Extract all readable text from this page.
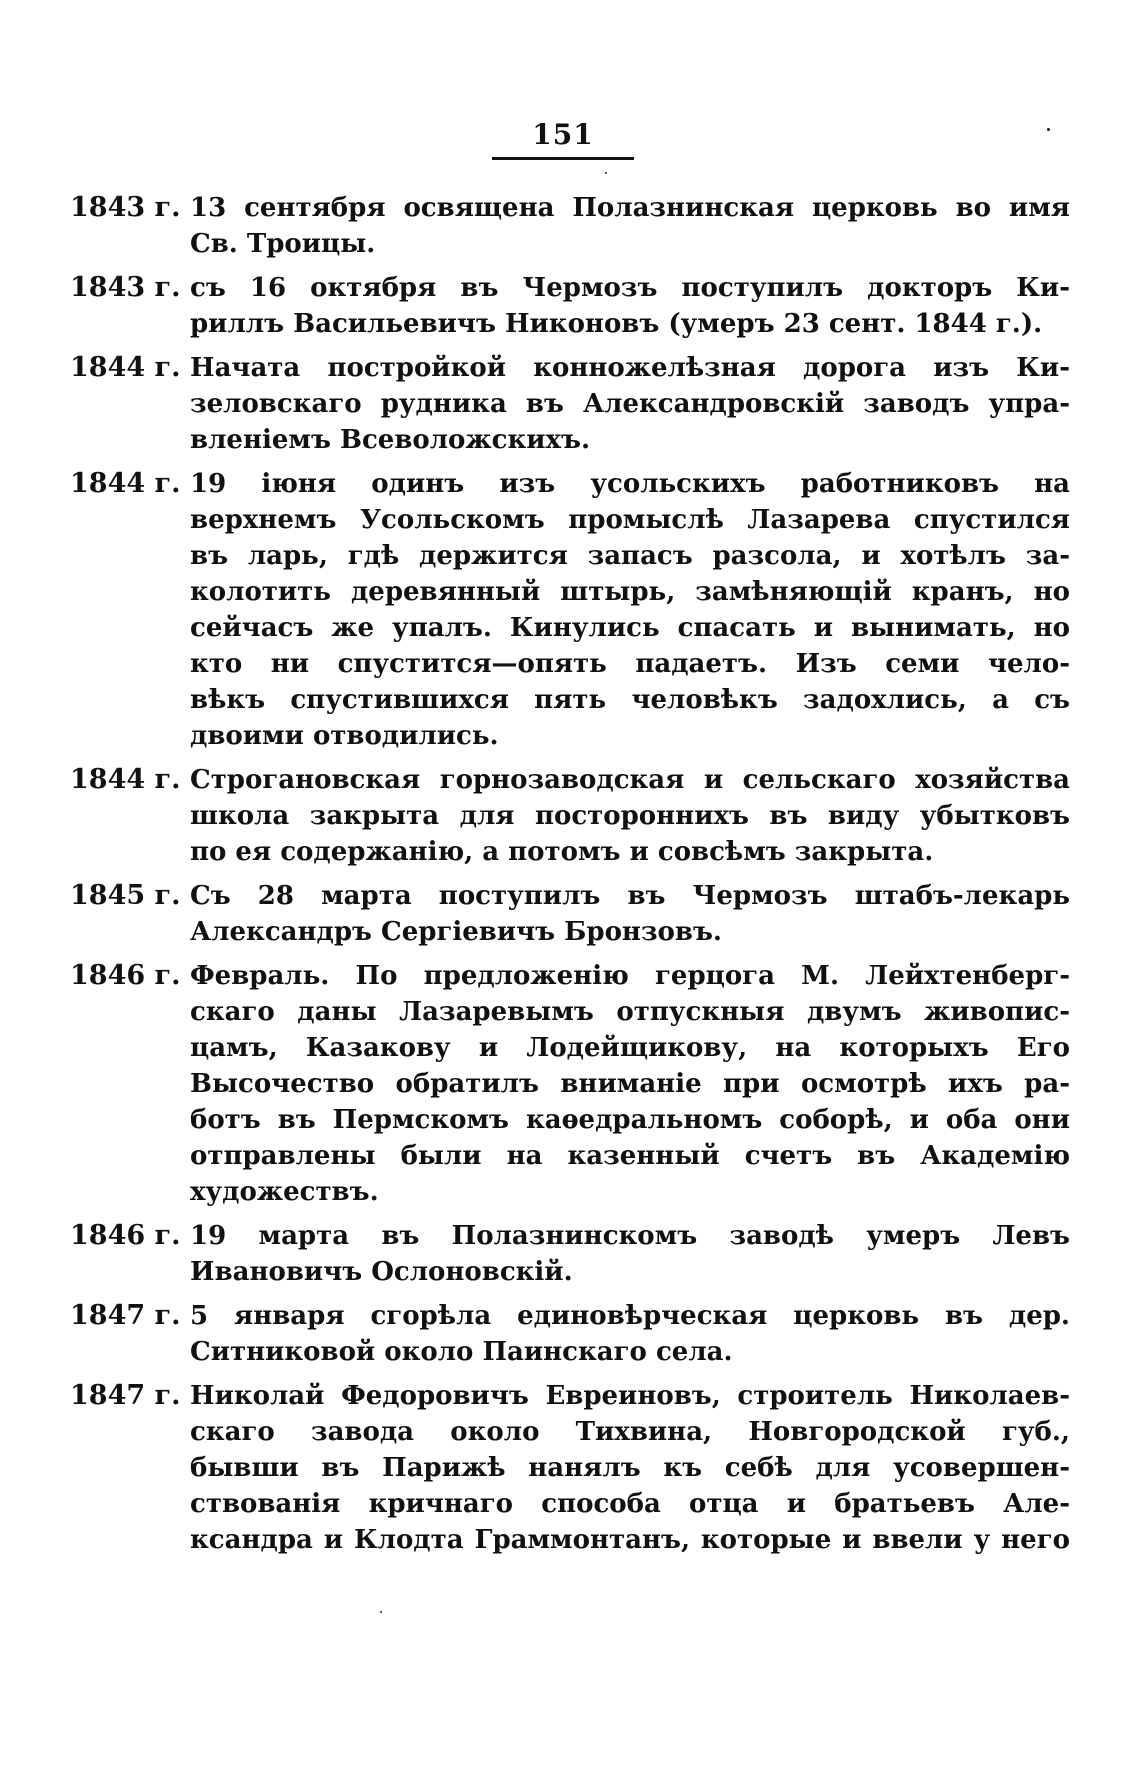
151
1843 г. 13 сентября освящена Полазнинская церковь во имя
Св. Троицы.
1843 г. съ 16 октября въ Чермозъ поступилъ докторъ Ки-
риллъ Васильевичъ Никоновъ (умеръ 23 сент. 1844 г.).
1844 г. Начата постройкой конножелѣзная дорога изъ Ки-
зеловскаго рудника въ Александровскій заводъ упра-
вленіемъ Всеволожскихъ.
1844 г. 19 іюня одинъ изъ усольскихъ работниковъ на
верхнемъ Усольскомъ промыслѣ Лазарева спустился
въ ларь, гдѣ держится запасъ разсола, и хотѣлъ за-
колотить деревянный штырь, замѣняющій кранъ, но
сейчасъ же упалъ. Кинулись спасать и вынимать, но
кто ни спустится—опять падаетъ. Изъ семи чело-
вѣкъ спустившихся пять человѣкъ задохлись, а съ
двоими отводились.
1844 г. Строгановская горнозаводская и сельскаго хозяйства
школа закрыта для постороннихъ въ виду убытковъ
по ея содержанію, а потомъ и совсѣмъ закрыта.
1845 г. Съ 28 марта поступилъ въ Чермозъ штабъ-лекарь
Александръ Сергіевичъ Бронзовъ.
1846 г. Февраль. По предложенію герцога М. Лейхтенберг-
скаго даны Лазаревымъ отпускныя двумъ живопис-
цамъ, Казакову и Лодейщикову, на которыхъ Его
Высочество обратилъ вниманіе при осмотрѣ ихъ ра-
ботъ въ Пермскомъ каѳедральномъ соборѣ, и оба они
отправлены были на казенный счетъ въ Академію
художествъ.
1846 г. 19 марта въ Полазнинскомъ заводѣ умеръ Левъ
Ивановичъ Ослоновскій.
1847 г. 5 января сгорѣла единовѣрческая церковь въ дер.
Ситниковой около Паинскаго села.
1847 г. Николай Федоровичъ Евреиновъ, строитель Николаев-
скаго завода около Тихвина, Новгородской губ.,
бывши въ Парижѣ нанялъ къ себѣ для усовершен-
ствованія кричнаго способа отца и братьевъ Але-
ксандра и Клодта Граммонтанъ, которые и ввели у него
